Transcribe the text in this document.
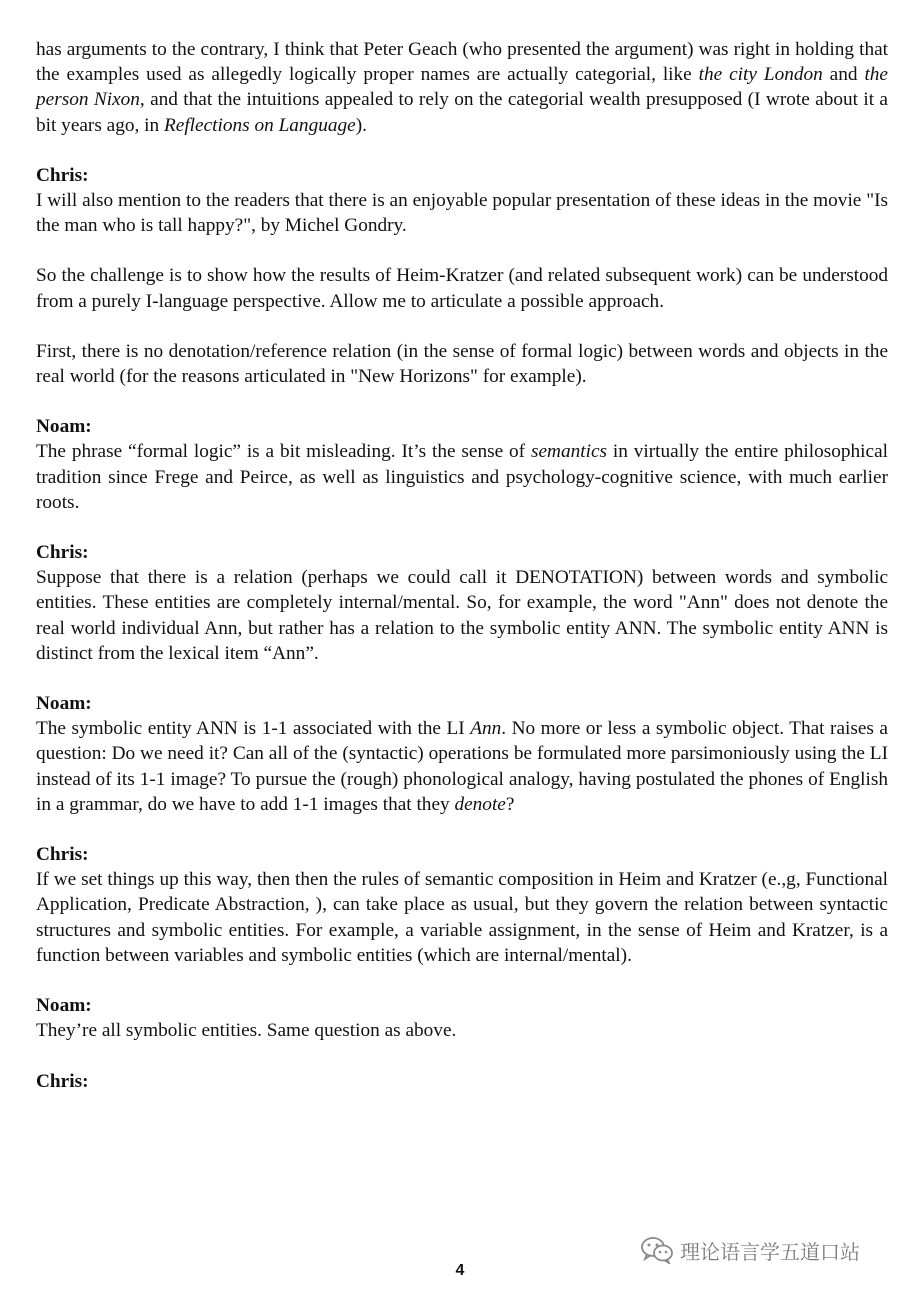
has arguments to the contrary, I think that Peter Geach (who presented the argument) was right in holding that the examples used as allegedly logically proper names are actually categorial, like the city London and the person Nixon, and that the intuitions appealed to rely on the categorial wealth presupposed (I wrote about it a bit years ago, in Reflections on Language).

Chris:
I will also mention to the readers that there is an enjoyable popular presentation of these ideas in the movie "Is the man who is tall happy?", by Michel Gondry.

So the challenge is to show how the results of Heim-Kratzer (and related subsequent work) can be understood from a purely I-language perspective. Allow me to articulate a possible approach.

First, there is no denotation/reference relation (in the sense of formal logic) between words and objects in the real world (for the reasons articulated in "New Horizons" for example).

Noam:
The phrase “formal logic” is a bit misleading. It’s the sense of semantics in virtually the entire philosophical tradition since Frege and Peirce, as well as linguistics and psychology-cognitive science, with much earlier roots.

Chris:
Suppose that there is a relation (perhaps we could call it DENOTATION) between words and symbolic entities. These entities are completely internal/mental. So, for example, the word "Ann" does not denote the real world individual Ann, but rather has a relation to the symbolic entity ANN. The symbolic entity ANN is distinct from the lexical item “Ann”.

Noam:
The symbolic entity ANN is 1-1 associated with the LI Ann. No more or less a symbolic object. That raises a question: Do we need it? Can all of the (syntactic) operations be formulated more parsimoniously using the LI instead of its 1-1 image? To pursue the (rough) phonological analogy, having postulated the phones of English in a grammar, do we have to add 1-1 images that they denote?

Chris:
If we set things up this way, then then the rules of semantic composition in Heim and Kratzer (e.,g, Functional Application, Predicate Abstraction, ), can take place as usual, but they govern the relation between syntactic structures and symbolic entities. For example, a variable assignment, in the sense of Heim and Kratzer, is a function between variables and symbolic entities (which are internal/mental).

Noam:
They’re all symbolic entities. Same question as above.

Chris:

4
理论语言学五道口站
